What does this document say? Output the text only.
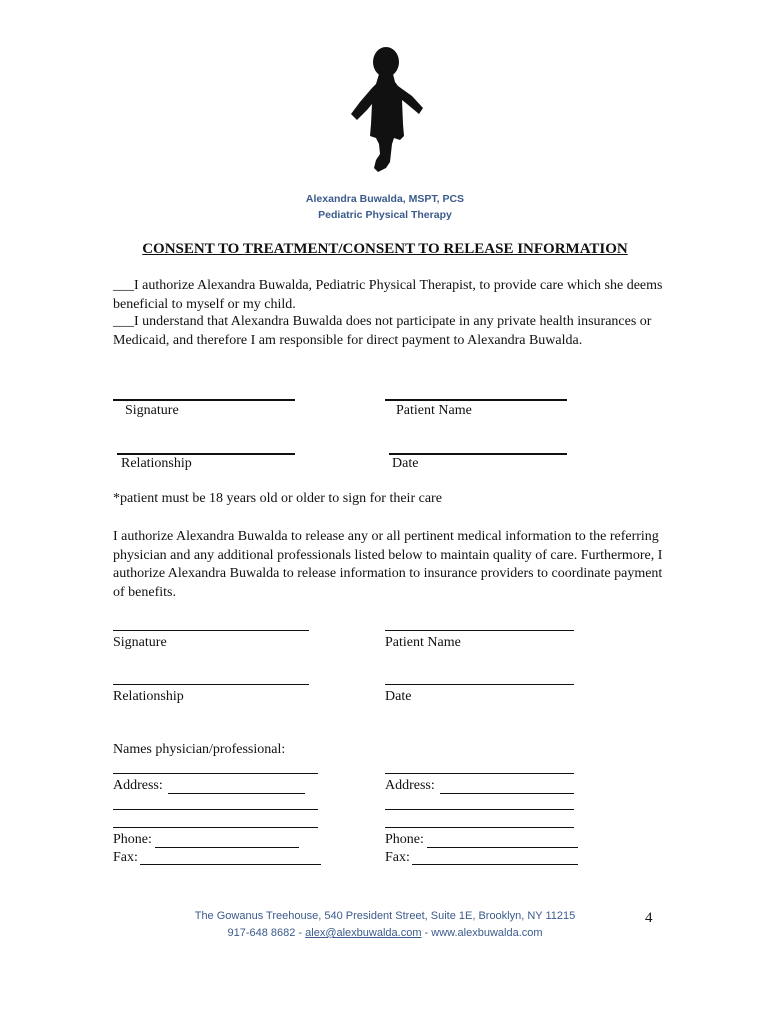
Alexandra Buwalda, MSPT, PCS
Pediatric Physical Therapy
CONSENT TO TREATMENT/CONSENT TO RELEASE INFORMATION

___I authorize Alexandra Buwalda, Pediatric Physical Therapist, to provide care which she deems beneficial to myself or my child.

___I understand that Alexandra Buwalda does not participate in any private health insurances or Medicaid, and therefore I am responsible for direct payment to Alexandra Buwalda.

Signature	Patient Name
Relationship	Date

*patient must be 18 years old or older to sign for their care

I authorize Alexandra Buwalda to release any or all pertinent medical information to the referring physician and any additional professionals listed below to maintain quality of care. Furthermore, I authorize Alexandra Buwalda to release information to insurance providers to coordinate payment of benefits.

Signature	Patient Name
Relationship	Date
Names physician/professional:
Address:	Address:
Phone:	Phone:
Fax:	Fax:
The Gowanus Treehouse, 540 President Street, Suite 1E, Brooklyn, NY 11215
917-648 8682 - alex@alexbuwalda.com - www.alexbuwalda.com
4
